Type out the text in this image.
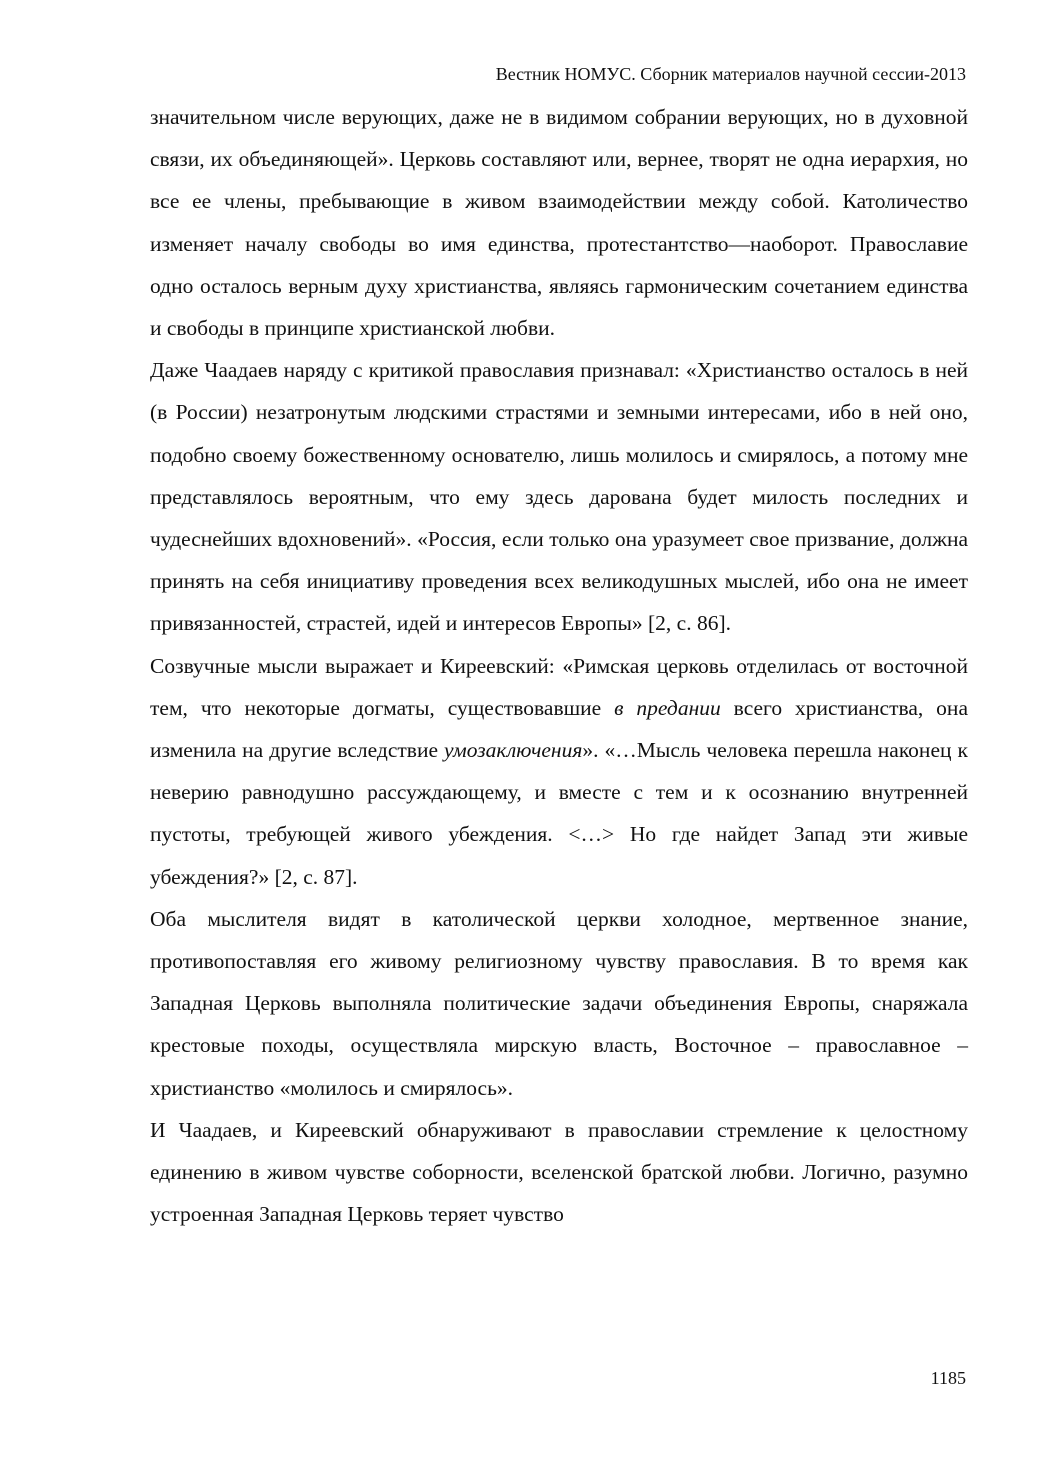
Вестник НОМУС. Сборник материалов научной сессии-2013

значительном числе верующих, даже не в видимом собрании верующих, но в духовной связи, их объединяющей». Церковь составляют или, вернее, творят не одна иерархия, но все ее члены, пребывающие в живом взаимодействии между собой. Католичество изменяет началу свободы во имя единства, протестантство—наоборот. Православие одно осталось верным духу христианства, являясь гармоническим сочетанием единства и свободы в принципе христианской любви.

Даже Чаадаев наряду с критикой православия признавал: «Христианство осталось в ней (в России) незатронутым людскими страстями и земными интересами, ибо в ней оно, подобно своему божественному основателю, лишь молилось и смирялось, а потому мне представлялось вероятным, что ему здесь дарована будет милость последних и чудеснейших вдохновений». «Россия, если только она уразумеет свое призвание, должна принять на себя инициативу проведения всех великодушных мыслей, ибо она не имеет привязанностей, страстей, идей и интересов Европы» [2, с. 86].

Созвучные мысли выражает и Киреевский: «Римская церковь отделилась от восточной тем, что некоторые догматы, существовавшие в предании всего христианства, она изменила на другие вследствие умозаключения». «…Мысль человека перешла наконец к неверию равнодушно рассуждающему, и вместе с тем и к осознанию внутренней пустоты, требующей живого убеждения. <…> Но где найдет Запад эти живые убеждения?» [2, с. 87].

Оба мыслителя видят в католической церкви холодное, мертвенное знание, противопоставляя его живому религиозному чувству православия. В то время как Западная Церковь выполняла политические задачи объединения Европы, снаряжала крестовые походы, осуществляла мирскую власть, Восточное – православное – христианство «молилось и смирялось».

И Чаадаев, и Киреевский обнаруживают в православии стремление к целостному единению в живом чувстве соборности, вселенской братской любви. Логично, разумно устроенная Западная Церковь теряет чувство

1185
